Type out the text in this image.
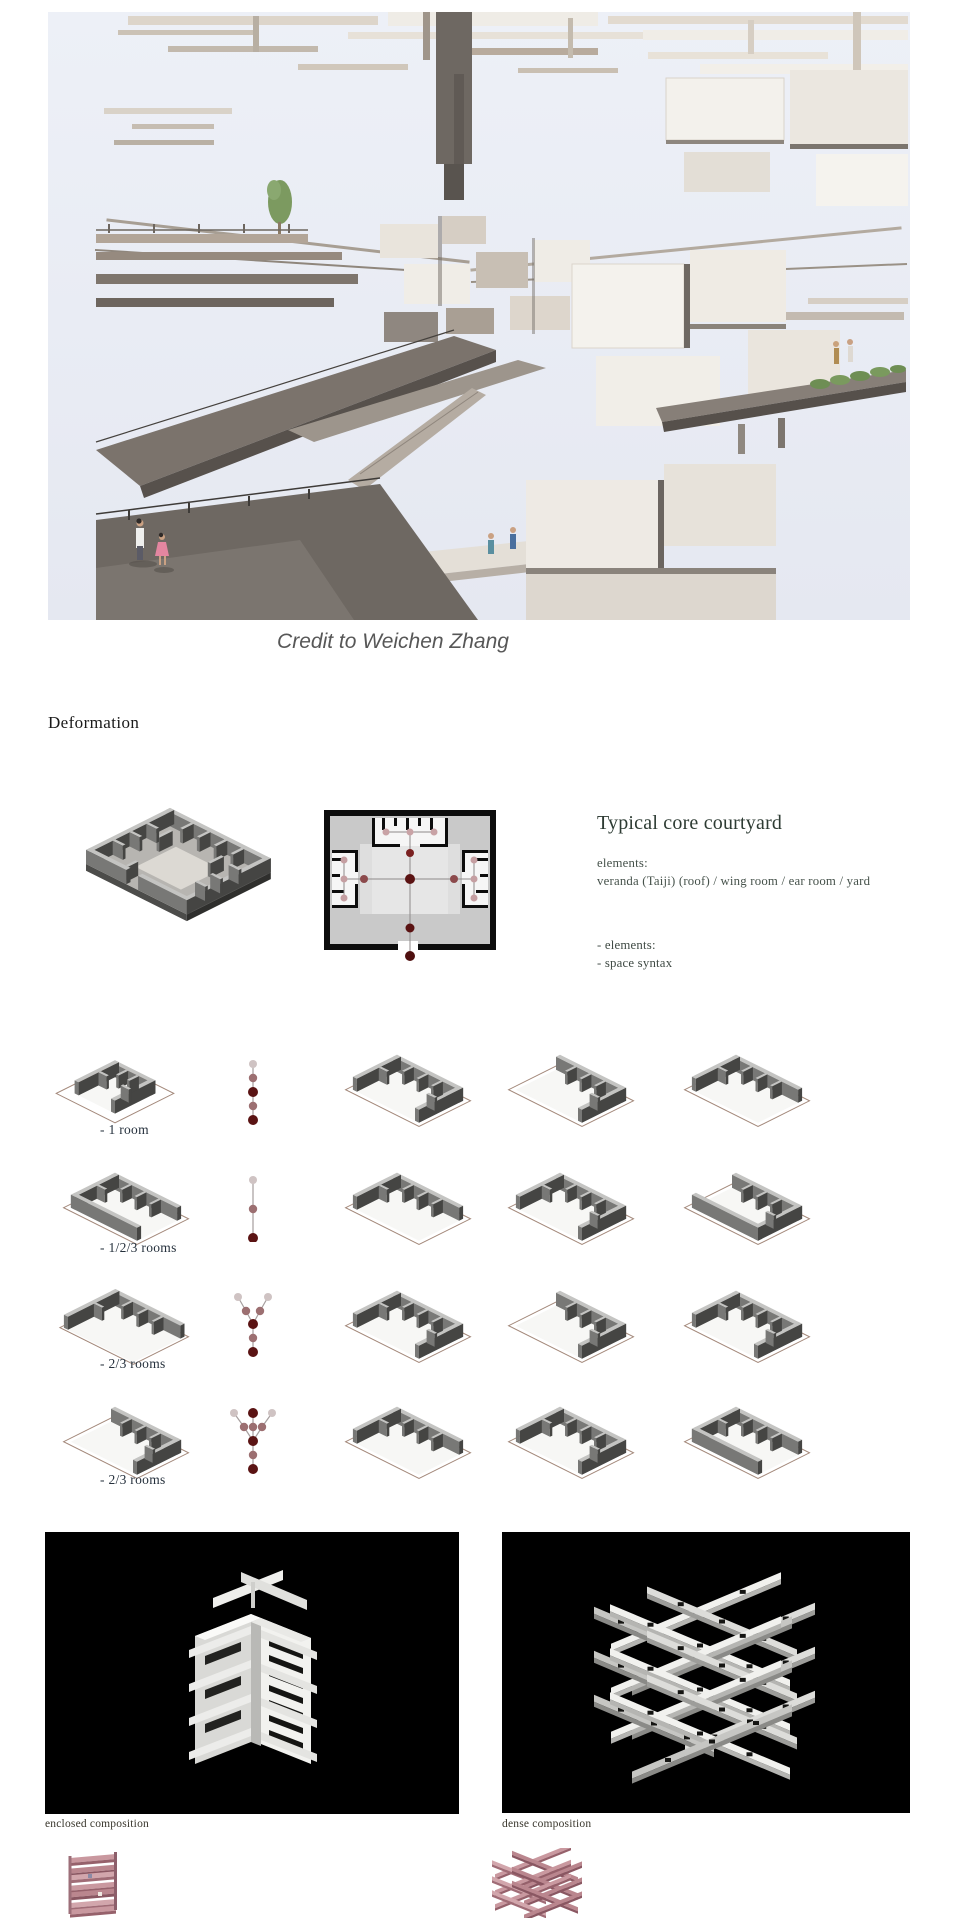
Credit to Weichen Zhang
Deformation
Typical core courtyard
elements:
veranda (Taiji) (roof) / wing room / ear room / yard
- elements:
- space syntax
- 1 room
- 1/2/3 rooms
- 2/3 rooms
- 2/3 rooms
enclosed composition	dense composition
